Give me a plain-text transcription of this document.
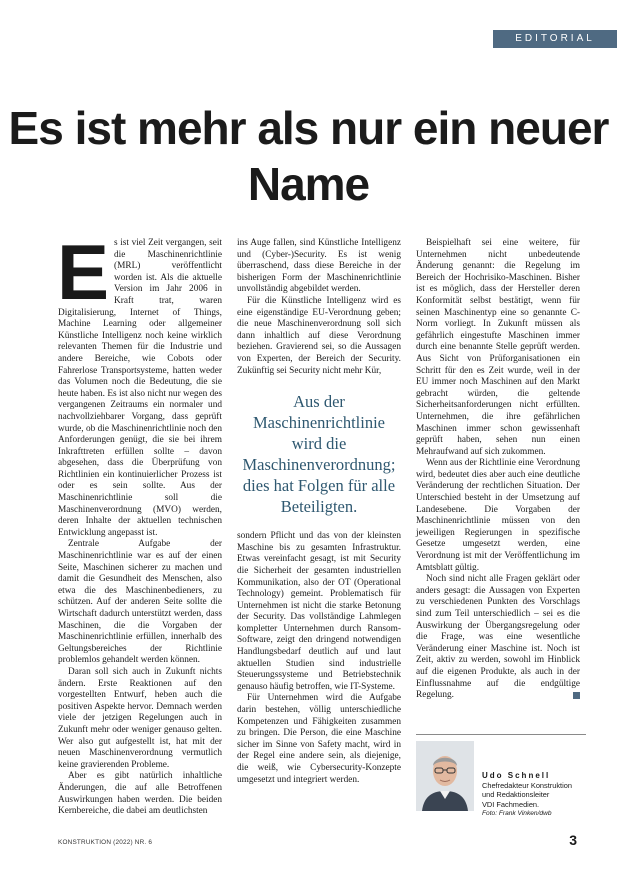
EDITORIAL
Es ist mehr als nur ein neuer Name

Es ist viel Zeit vergangen, seit die Maschinenrichtlinie (MRL) veröffentlicht worden ist. Als die aktuelle Version im Jahr 2006 in Kraft trat, waren Digitalisierung, Internet of Things, Machine Learning oder allgemeiner Künstliche Intelligenz noch keine wirklich relevanten Themen für die Industrie und andere Bereiche, wie Cobots oder Fahrerlose Transportsysteme, hatten weder das Volumen noch die Bedeutung, die sie heute haben. Es ist also nicht nur wegen des vergangenen Zeitraums ein normaler und nachvollziehbarer Vorgang, dass geprüft wurde, ob die Maschinenrichtlinie noch den Anforderungen genügt, die sie bei ihrem Inkrafttreten erfüllen sollte – davon abgesehen, dass die Überprüfung von Richtlinien ein kontinuierlicher Prozess ist oder es sein sollte. Aus der Maschinenrichtlinie soll die Maschinenverordnung (MVO) werden, deren Inhalte der aktuellen technischen Entwicklung angepasst ist.

Zentrale Aufgabe der Maschinenrichtlinie war es auf der einen Seite, Maschinen sicherer zu machen und damit die Gesundheit des Menschen, also etwa die des Maschinenbedieners, zu schützen. Auf der anderen Seite sollte die Wirtschaft dadurch unterstützt werden, dass Maschinen, die die Vorgaben der Maschinenrichtlinie erfüllen, innerhalb des Geltungsbereiches der Richtlinie problemlos gehandelt werden können.

Daran soll sich auch in Zukunft nichts ändern. Erste Reaktionen auf den vorgestellten Entwurf, heben auch die positiven Aspekte hervor. Demnach werden viele der jetzigen Regelungen auch in Zukunft mehr oder weniger genauso gelten. Wer also gut aufgestellt ist, hat mit der neuen Maschinenverordnung vermutlich keine gravierenden Probleme.

Aber es gibt natürlich inhaltliche Änderungen, die auf alle Betroffenen Auswirkungen haben werden. Die beiden Kernbereiche, die dabei am deutlichsten

ins Auge fallen, sind Künstliche Intelligenz und (Cyber-)Security. Es ist wenig überraschend, dass diese Bereiche in der bisherigen Form der Maschinenrichtlinie unvollständig abgebildet werden.

Für die Künstliche Intelligenz wird es eine eigenständige EU-Verordnung geben; die neue Maschinenverordnung soll sich dann inhaltlich auf diese Verordnung beziehen. Gravierend sei, so die Aussagen von Experten, der Bereich der Security. Zukünftig sei Security nicht mehr Kür,

Aus der Maschinenrichtlinie wird die Maschinenverordnung; dies hat Folgen für alle Beteiligten.

sondern Pflicht und das von der kleinsten Maschine bis zu gesamten Infrastruktur. Etwas vereinfacht gesagt, ist mit Security die Sicherheit der gesamten industriellen Kommunikation, also der OT (Operational Technology) gemeint. Problematisch für Unternehmen ist nicht die starke Betonung der Security. Das vollständige Lahmlegen kompletter Unternehmen durch Ransom-Software, zeigt den dringend notwendigen Handlungsbedarf deutlich auf und laut aktuellen Studien sind industrielle Steuerungssysteme und Betriebstechnik genauso häufig betroffen, wie IT-Systeme.

Für Unternehmen wird die Aufgabe darin bestehen, völlig unterschiedliche Kompetenzen und Fähigkeiten zusammen zu bringen. Die Person, die eine Maschine sicher im Sinne von Safety macht, wird in der Regel eine andere sein, als diejenige, die weiß, wie Cybersecurity-Konzepte umgesetzt und integriert werden.

Beispielhaft sei eine weitere, für Unternehmen nicht unbedeutende Änderung genannt: die Regelung im Bereich der Hochrisiko-Maschinen. Bisher ist es möglich, dass der Hersteller deren Konformität selbst bestätigt, wenn für seinen Maschinentyp eine so genannte C-Norm vorliegt. In Zukunft müssen als gefährlich eingestufte Maschinen immer durch eine benannte Stelle geprüft werden. Aus Sicht von Prüforganisationen ein Schritt für den es Zeit wurde, weil in der EU immer noch Maschinen auf den Markt gebracht würden, die geltende Sicherheitsanforderungen nicht erfüllten. Unternehmen, die ihre gefährlichen Maschinen immer schon gewissenhaft geprüft haben, sehen nun einen Mehraufwand auf sich zukommen.

Wenn aus der Richtlinie eine Verordnung wird, bedeutet dies aber auch eine deutliche Veränderung der rechtlichen Situation. Der Unterschied besteht in der Umsetzung auf Landesebene. Die Vorgaben der Maschinenrichtlinie müssen von den jeweiligen Regierungen in spezifische Gesetze umgesetzt werden, eine Verordnung ist mit der Veröffentlichung im Amtsblatt gültig.

Noch sind nicht alle Fragen geklärt oder anders gesagt: die Aussagen von Experten zu verschiedenen Punkten des Vorschlags sind zum Teil unterschiedlich – sei es die Auswirkung der Übergangsregelung oder die Frage, was eine wesentliche Veränderung einer Maschine ist. Noch ist Zeit, aktiv zu werden, sowohl im Hinblick auf die eigenen Produkte, als auch in der Einflussnahme auf die endgültige Regelung.

Udo Schnell
Chefredakteur Konstruktion
und Redaktionsleiter
VDI Fachmedien.
Foto: Frank Vinken/dwb
KONSTRUKTION (2022) NR. 6	3
